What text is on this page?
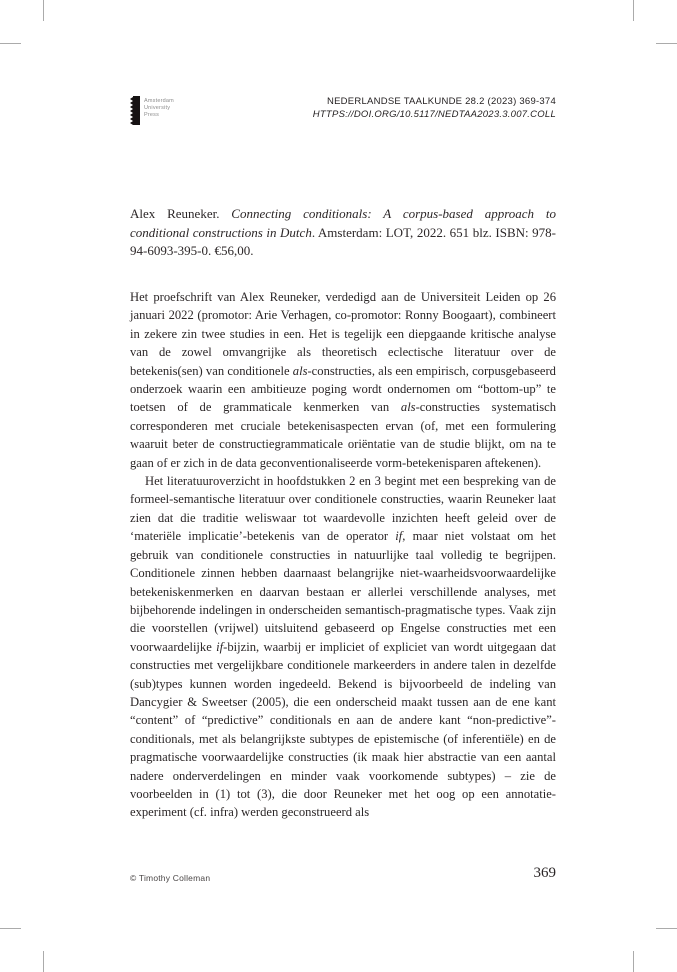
Amsterdam
University
Press
NEDERLANDSE TAALKUNDE 28.2 (2023) 369-374
HTTPS://DOI.ORG/10.5117/NEDTAA2023.3.007.COLL
Alex Reuneker. Connecting conditionals: A corpus-based approach to conditional constructions in Dutch. Amsterdam: LOT, 2022. 651 blz. ISBN: 978-94-6093-395-0. €56,00.

Het proefschrift van Alex Reuneker, verdedigd aan de Universiteit Leiden op 26 januari 2022 (promotor: Arie Verhagen, co-promotor: Ronny Boogaart), combineert in zekere zin twee studies in een. Het is tegelijk een diepgaande kritische analyse van de zowel omvangrijke als theoretisch eclectische literatuur over de betekenis(sen) van conditionele als-constructies, als een empirisch, corpusgebaseerd onderzoek waarin een ambitieuze poging wordt ondernomen om “bottom-up” te toetsen of de grammaticale kenmerken van als-constructies systematisch corresponderen met cruciale betekenisaspecten ervan (of, met een formulering waaruit beter de constructiegrammaticale oriëntatie van de studie blijkt, om na te gaan of er zich in de data geconventionaliseerde vorm-betekenisparen aftekenen).

Het literatuuroverzicht in hoofdstukken 2 en 3 begint met een bespreking van de formeel-semantische literatuur over conditionele constructies, waarin Reuneker laat zien dat die traditie weliswaar tot waardevolle inzichten heeft geleid over de ‘materiële implicatie’-betekenis van de operator if, maar niet volstaat om het gebruik van conditionele constructies in natuurlijke taal volledig te begrijpen. Conditionele zinnen hebben daarnaast belangrijke niet-waarheidsvoorwaardelijke betekeniskenmerken en daarvan bestaan er allerlei verschillende analyses, met bijbehorende indelingen in onderscheiden semantisch-pragmatische types. Vaak zijn die voorstellen (vrijwel) uitsluitend gebaseerd op Engelse constructies met een voorwaardelijke if-bijzin, waarbij er impliciet of expliciet van wordt uitgegaan dat constructies met vergelijkbare conditionele markeerders in andere talen in dezelfde (sub)types kunnen worden ingedeeld. Bekend is bijvoorbeeld de indeling van Dancygier & Sweetser (2005), die een onderscheid maakt tussen aan de ene kant “content” of “predictive” conditionals en aan de andere kant “non-predictive”-conditionals, met als belangrijkste subtypes de epistemische (of inferentiële) en de pragmatische voorwaardelijke constructies (ik maak hier abstractie van een aantal nadere onderverdelingen en minder vaak voorkomende subtypes) – zie de voorbeelden in (1) tot (3), die door Reuneker met het oog op een annotatie-experiment (cf. infra) werden geconstrueerd als

© Timothy Colleman	369
